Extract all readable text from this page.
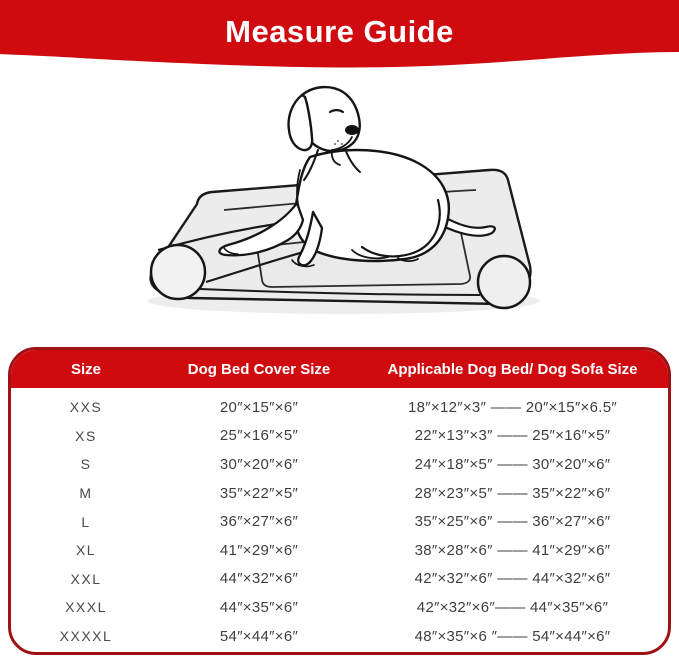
Measure Guide
Size	Dog Bed Cover Size	Applicable Dog Bed/ Dog Sofa Size
XXS	20″×15″×6″	18″×12″×3″ —— 20″×15″×6.5″
XS	25″×16″×5″	22″×13″×3″ —— 25″×16″×5″
S	30″×20″×6″	24″×18″×5″ —— 30″×20″×6″
M	35″×22″×5″	28″×23″×5″ —— 35″×22″×6″
L	36″×27″×6″	35″×25″×6″ —— 36″×27″×6″
XL	41″×29″×6″	38″×28″×6″ —— 41″×29″×6″
XXL	44″×32″×6″	42″×32″×6″ —— 44″×32″×6″
XXXL	44″×35″×6″	42″×32″×6″—— 44″×35″×6″
XXXXL	54″×44″×6″	48″×35″×6 ″—— 54″×44″×6″
